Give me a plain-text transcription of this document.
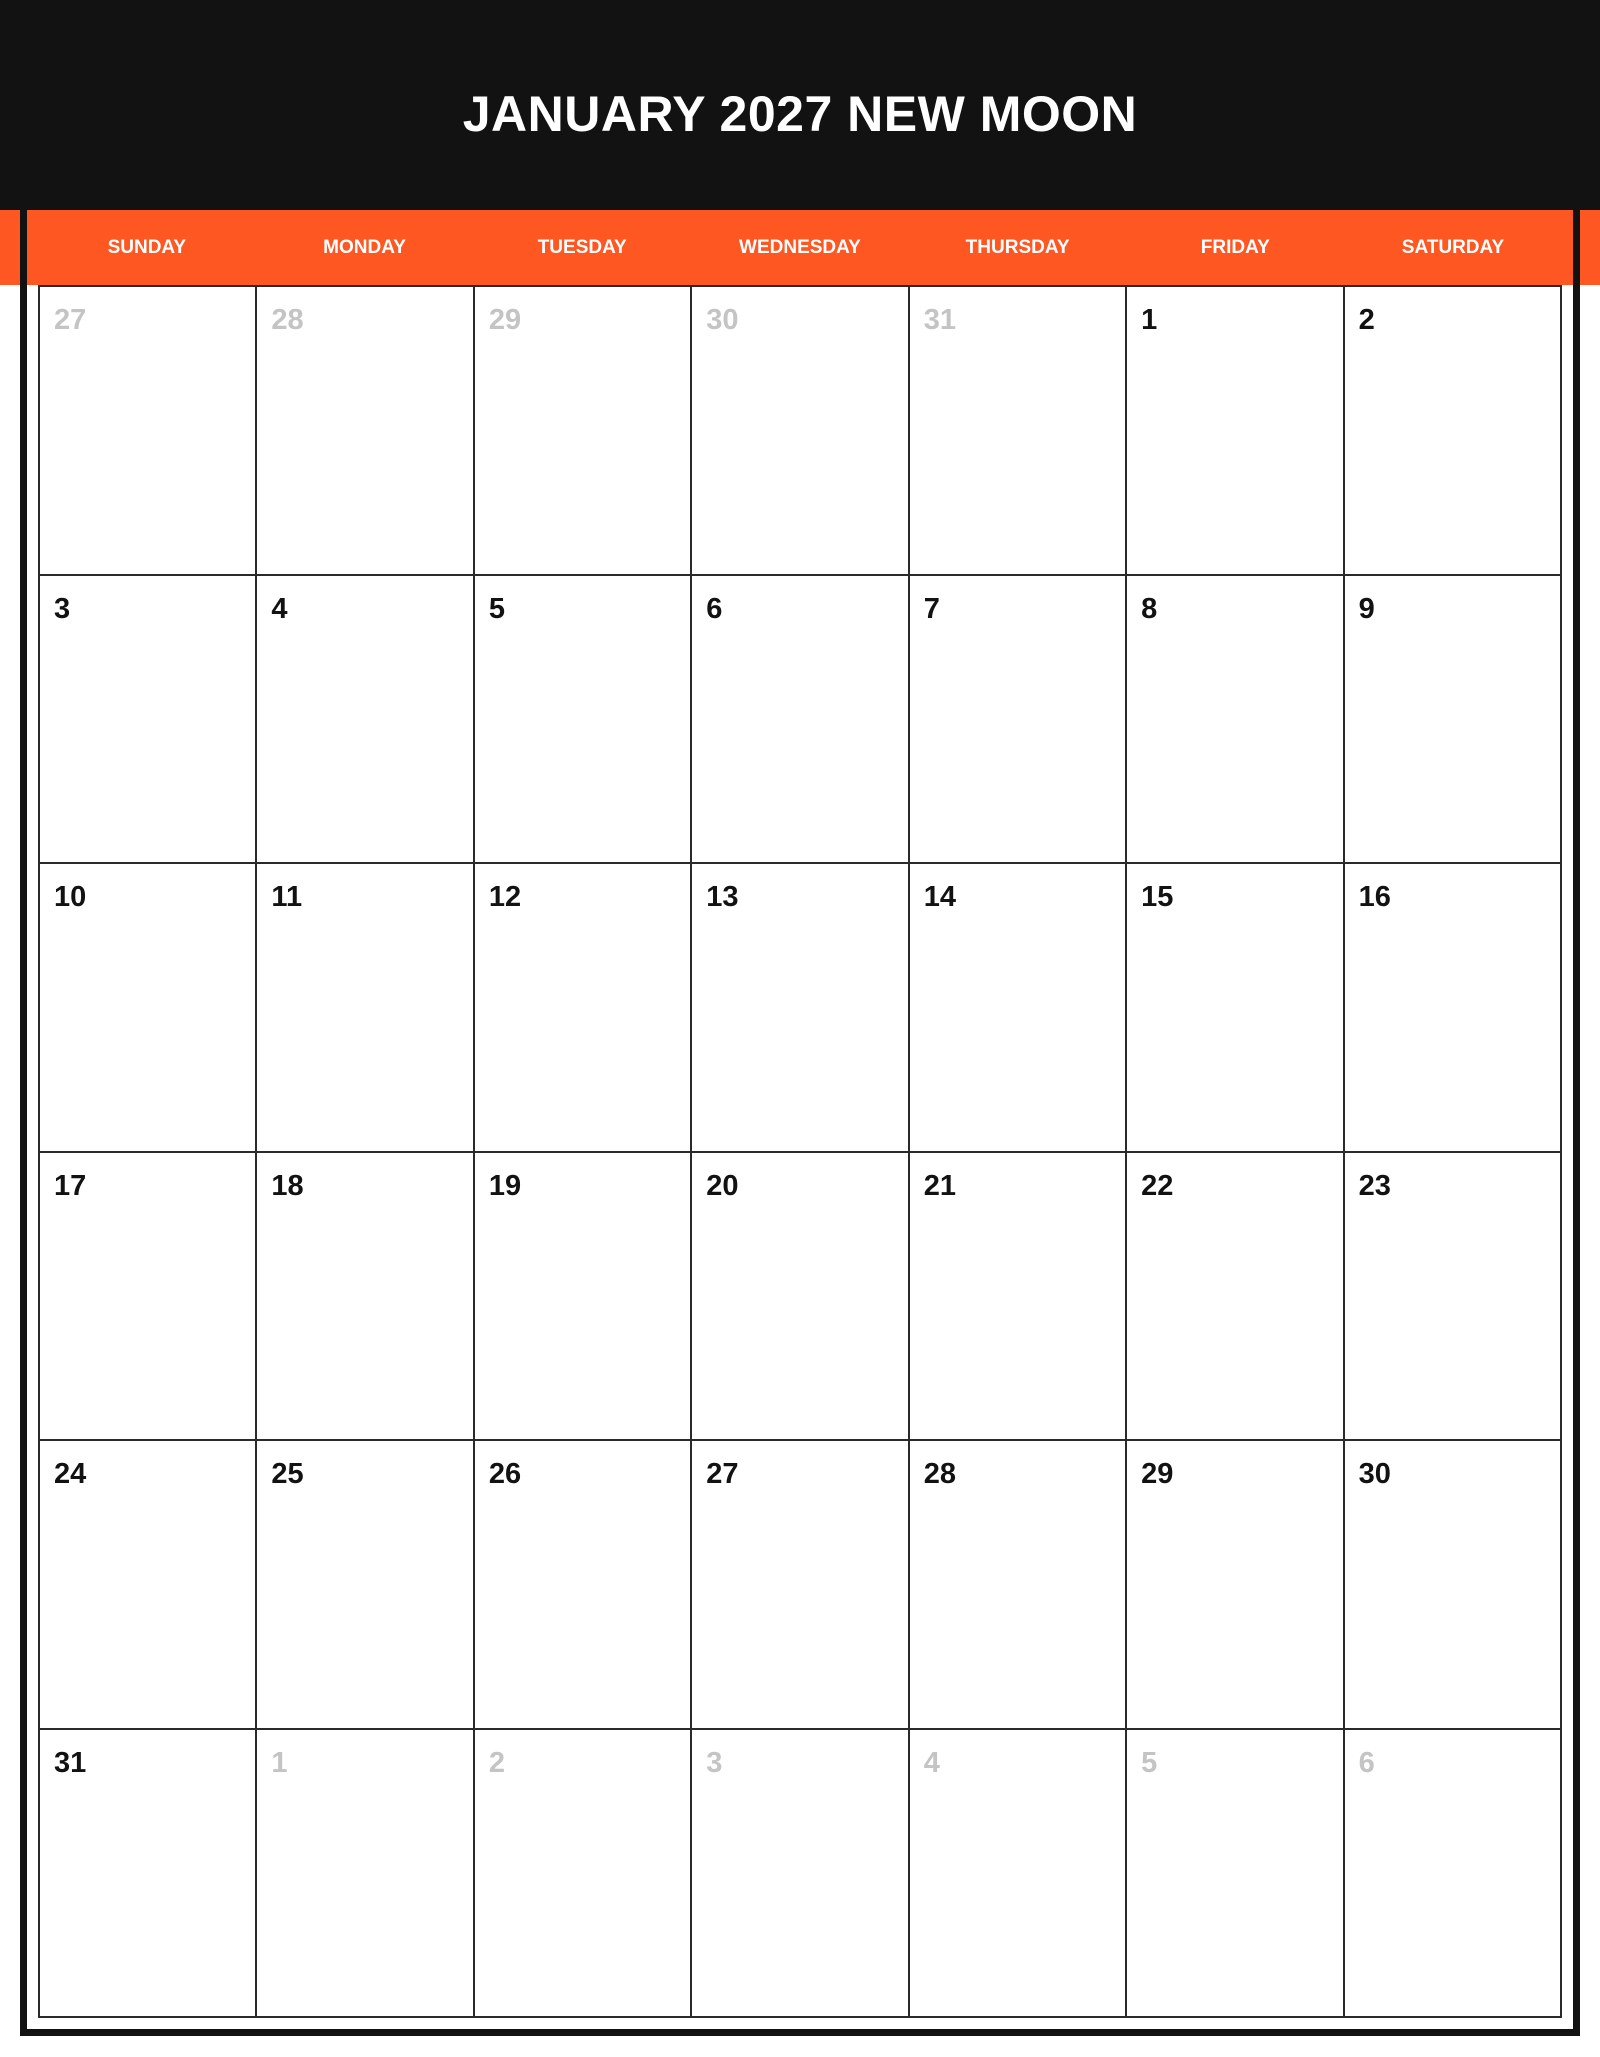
JANUARY 2027 NEW MOON
SUNDAY	MONDAY	TUESDAY	WEDNESDAY	THURSDAY	FRIDAY	SATURDAY
27	28	29	30	31	1	2
3	4	5	6	7	8	9
10	11	12	13	14	15	16
17	18	19	20	21	22	23
24	25	26	27	28	29	30
31	1	2	3	4	5	6
